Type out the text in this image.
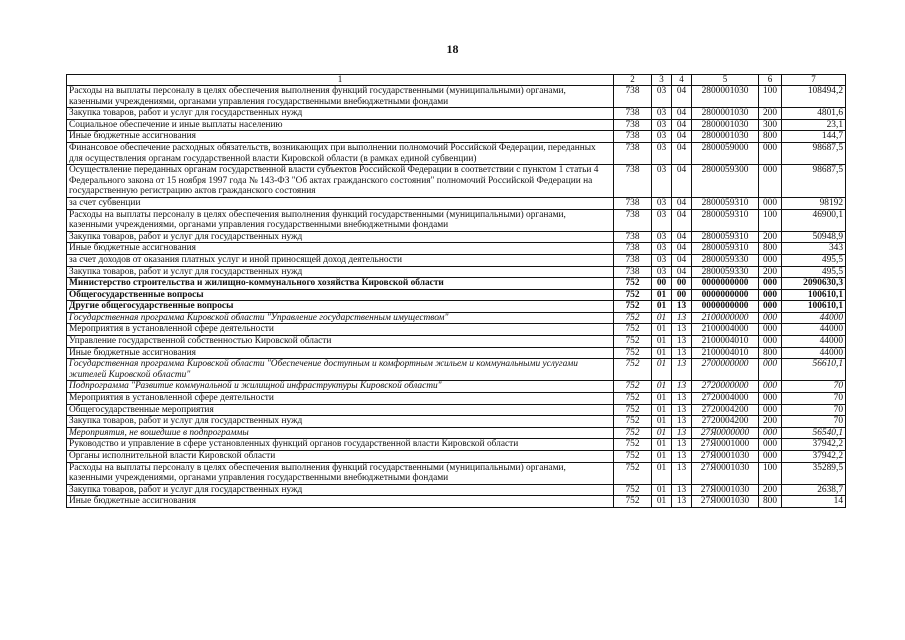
18
1	2	3	4	5	6	7
Расходы на выплаты персоналу в целях обеспечения выполнения функций государственными (муниципальными) органами, казенными учреждениями, органами управления государственными внебюджетными фондами	738	03	04	2800001030	100	108494,2
Закупка товаров, работ и услуг для государственных нужд	738	03	04	2800001030	200	4801,6
Социальное обеспечение и иные выплаты населению	738	03	04	2800001030	300	23,1
Иные бюджетные ассигнования	738	03	04	2800001030	800	144,7
Финансовое обеспечение расходных обязательств, возникающих при выполнении полномочий Российской Федерации, переданных для осуществления органам государственной власти Кировской области (в рамках единой субвенции)	738	03	04	2800059000	000	98687,5
Осуществление переданных органам государственной власти субъектов Российской Федерации в соответствии с пунктом 1 статьи 4 Федерального закона от 15 ноября 1997 года № 143-ФЗ "Об актах гражданского состояния" полномочий Российской Федерации на государственную регистрацию актов гражданского состояния	738	03	04	2800059300	000	98687,5
за счет субвенции	738	03	04	2800059310	000	98192
Расходы на выплаты персоналу в целях обеспечения выполнения функций государственными (муниципальными) органами, казенными учреждениями, органами управления государственными внебюджетными фондами	738	03	04	2800059310	100	46900,1
Закупка товаров, работ и услуг для государственных нужд	738	03	04	2800059310	200	50948,9
Иные бюджетные ассигнования	738	03	04	2800059310	800	343
за счет доходов от оказания платных услуг и иной приносящей доход деятельности	738	03	04	2800059330	000	495,5
Закупка товаров, работ и услуг для государственных нужд	738	03	04	2800059330	200	495,5
Министерство строительства и жилищно-коммунального хозяйства Кировской области	752	00	00	0000000000	000	2090630,3
Общегосударственные вопросы	752	01	00	0000000000	000	100610,1
Другие общегосударственные вопросы	752	01	13	0000000000	000	100610,1
Государственная программа Кировской области "Управление государственным имуществом"	752	01	13	2100000000	000	44000
Мероприятия в установленной сфере деятельности	752	01	13	2100004000	000	44000
Управление государственной собственностью Кировской области	752	01	13	2100004010	000	44000
Иные бюджетные ассигнования	752	01	13	2100004010	800	44000
Государственная программа Кировской области "Обеспечение доступным и комфортным жильем и коммунальными услугами жителей Кировской области"	752	01	13	2700000000	000	56610,1
Подпрограмма "Развитие коммунальной и жилищной инфраструктуры Кировской области"	752	01	13	2720000000	000	70
Мероприятия в установленной сфере деятельности	752	01	13	2720004000	000	70
Общегосударственные мероприятия	752	01	13	2720004200	000	70
Закупка товаров, работ и услуг для государственных нужд	752	01	13	2720004200	200	70
Мероприятия, не вошедшие в подпрограммы	752	01	13	27Я0000000	000	56540,1
Руководство и управление в сфере установленных функций органов государственной власти Кировской области	752	01	13	27Я0001000	000	37942,2
Органы исполнительной власти Кировской области	752	01	13	27Я0001030	000	37942,2
Расходы на выплаты персоналу в целях обеспечения выполнения функций государственными (муниципальными) органами, казенными учреждениями, органами управления государственными внебюджетными фондами	752	01	13	27Я0001030	100	35289,5
Закупка товаров, работ и услуг для государственных нужд	752	01	13	27Я0001030	200	2638,7
Иные бюджетные ассигнования	752	01	13	27Я0001030	800	14
